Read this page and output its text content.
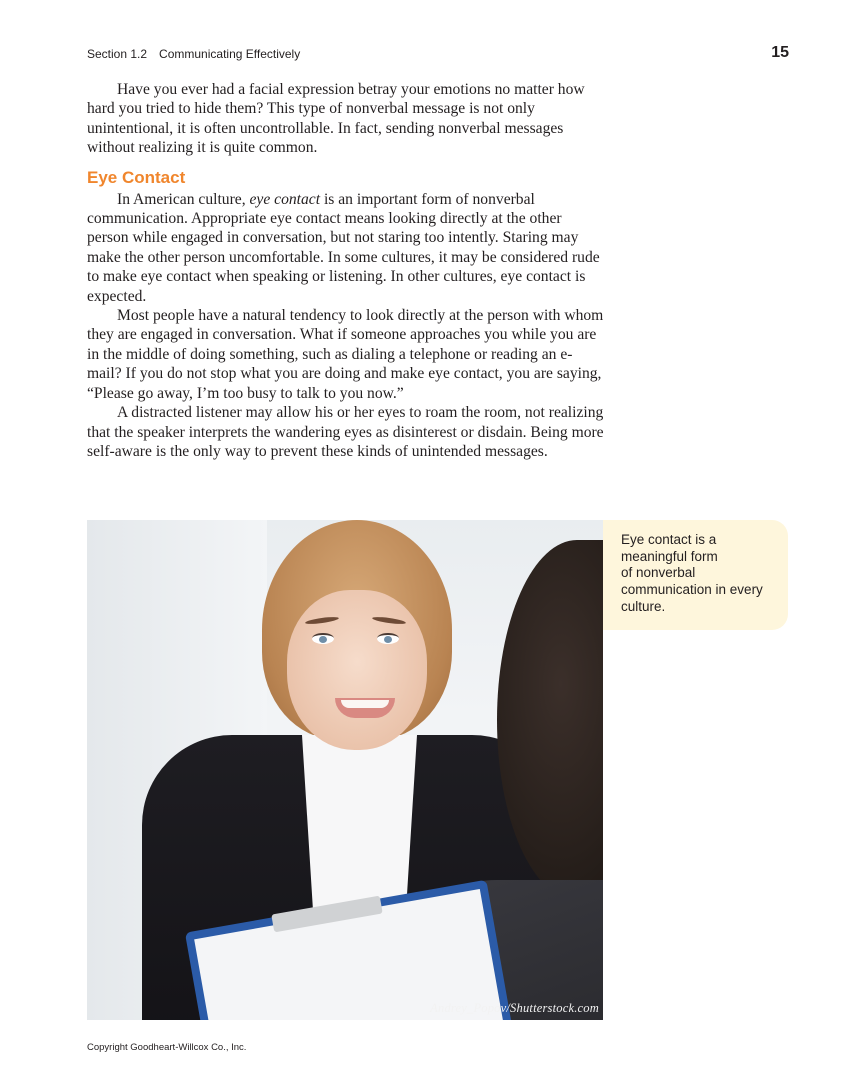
Section 1.2 Communicating Effectively	15

Have you ever had a facial expression betray your emotions no matter how hard you tried to hide them? This type of nonverbal message is not only unintentional, it is often uncontrollable. In fact, sending nonverbal messages without realizing it is quite common.

Eye Contact

In American culture, eye contact is an important form of nonverbal communication. Appropriate eye contact means looking directly at the other person while engaged in conversation, but not staring too intently. Staring may make the other person uncomfortable. In some cultures, it may be considered rude to make eye contact when speaking or listening. In other cultures, eye contact is expected.

Most people have a natural tendency to look directly at the person with whom they are engaged in conversation. What if someone approaches you while you are in the middle of doing something, such as dialing a telephone or reading an e-mail? If you do not stop what you are doing and make eye contact, you are saying, “Please go away, I’m too busy to talk to you now.”

A distracted listener may allow his or her eyes to roam the room, not realizing that the speaker interprets the wandering eyes as disinterest or disdain. Being more self-aware is the only way to prevent these kinds of unintended messages.

Andrey_Popov/Shutterstock.com
Eye contact is a
meaningful form
of nonverbal
communication in every
culture.
Copyright Goodheart-Willcox Co., Inc.
